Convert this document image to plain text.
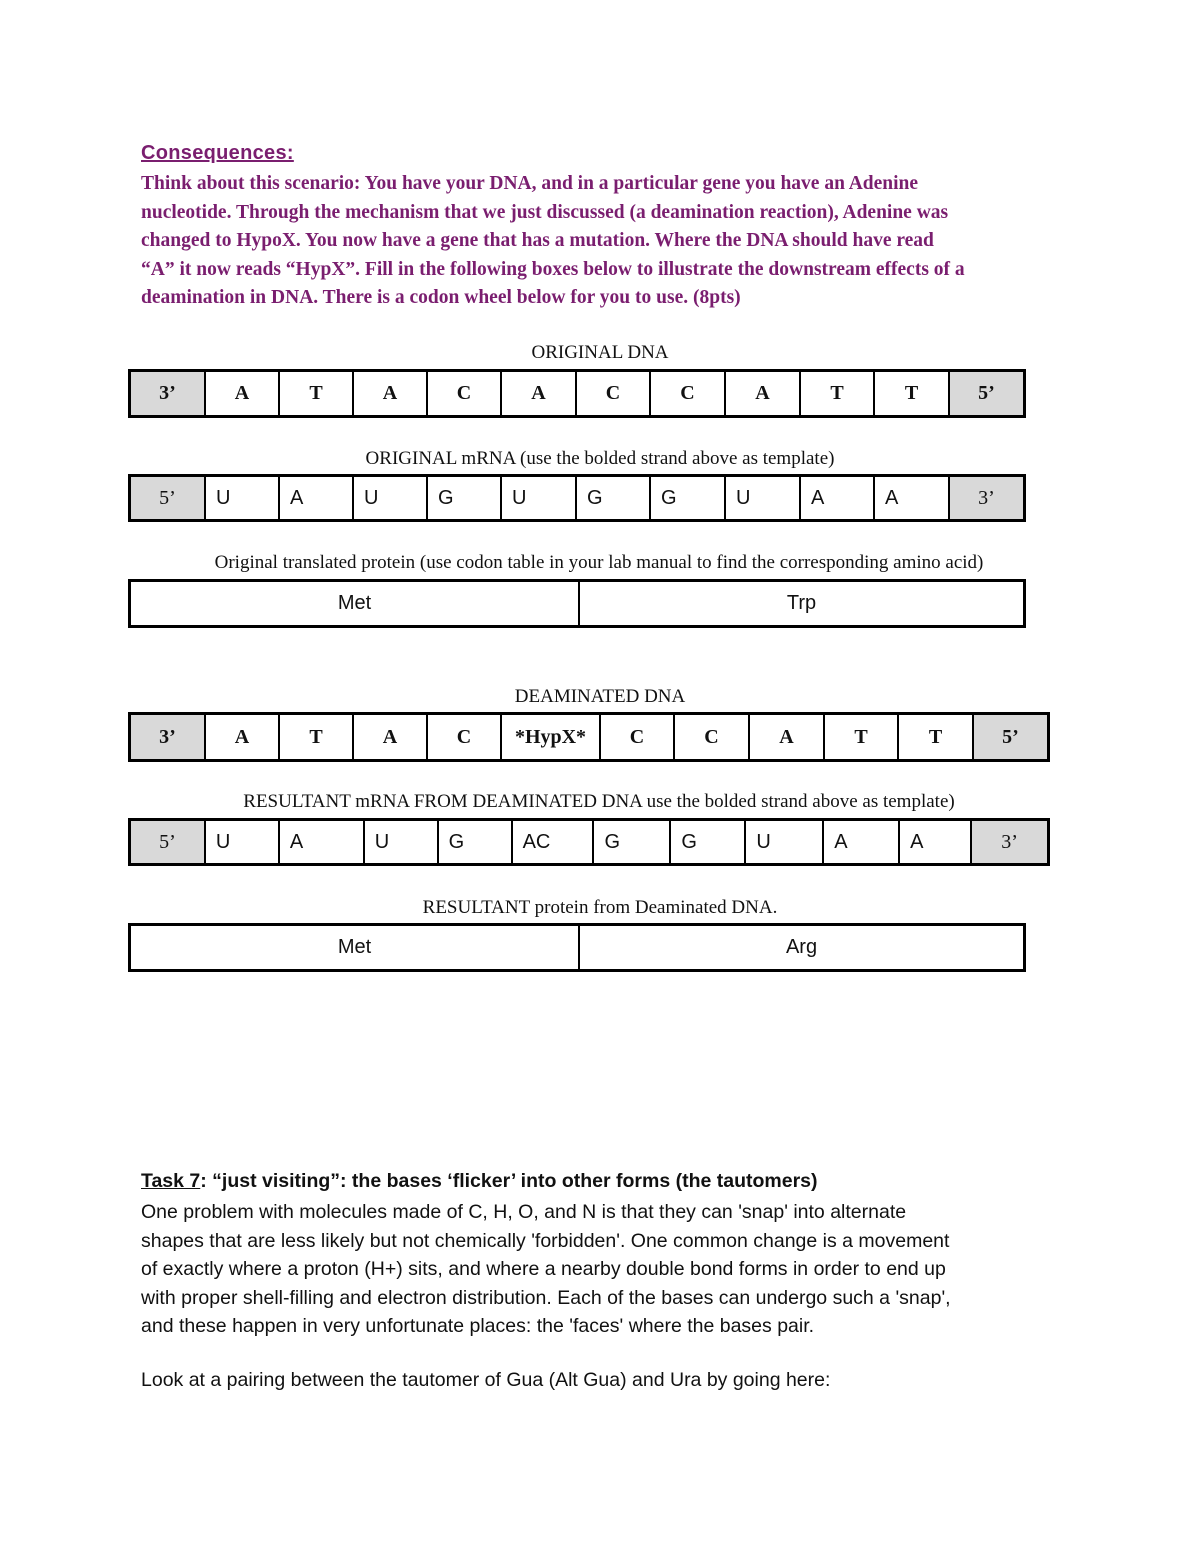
Consequences:
Think about this scenario: You have your DNA, and in a particular gene you have an Adenine
nucleotide. Through the mechanism that we just discussed (a deamination reaction), Adenine was
changed to HypoX. You now have a gene that has a mutation. Where the DNA should have read
“A” it now reads “HypX”. Fill in the following boxes below to illustrate the downstream effects of a
deamination in DNA. There is a codon wheel below for you to use. (8pts)
ORIGINAL DNA
3’	A	T	A	C	A	C	C	A	T	T	5’
ORIGINAL mRNA (use the bolded strand above as template)
5’	U	A	U	G	U	G	G	U	A	A	3’
Original translated protein (use codon table in your lab manual to find the corresponding amino acid)
Met	Trp
DEAMINATED DNA
3’	A	T	A	C	*HypX*	C	C	A	T	T	5’
RESULTANT mRNA FROM DEAMINATED DNA use the bolded strand above as template)
5’	U	A	U	G	AC	G	G	U	A	A	3’
RESULTANT protein from Deaminated DNA.
Met	Arg
Task 7: “just visiting”: the bases ‘flicker’ into other forms (the tautomers)
One problem with molecules made of C, H, O, and N is that they can 'snap' into alternate
shapes that are less likely but not chemically 'forbidden'. One common change is a movement
of exactly where a proton (H+) sits, and where a nearby double bond forms in order to end up
with proper shell-filling and electron distribution. Each of the bases can undergo such a 'snap',
and these happen in very unfortunate places: the 'faces' where the bases pair.
Look at a pairing between the tautomer of Gua (Alt Gua) and Ura by going here:
